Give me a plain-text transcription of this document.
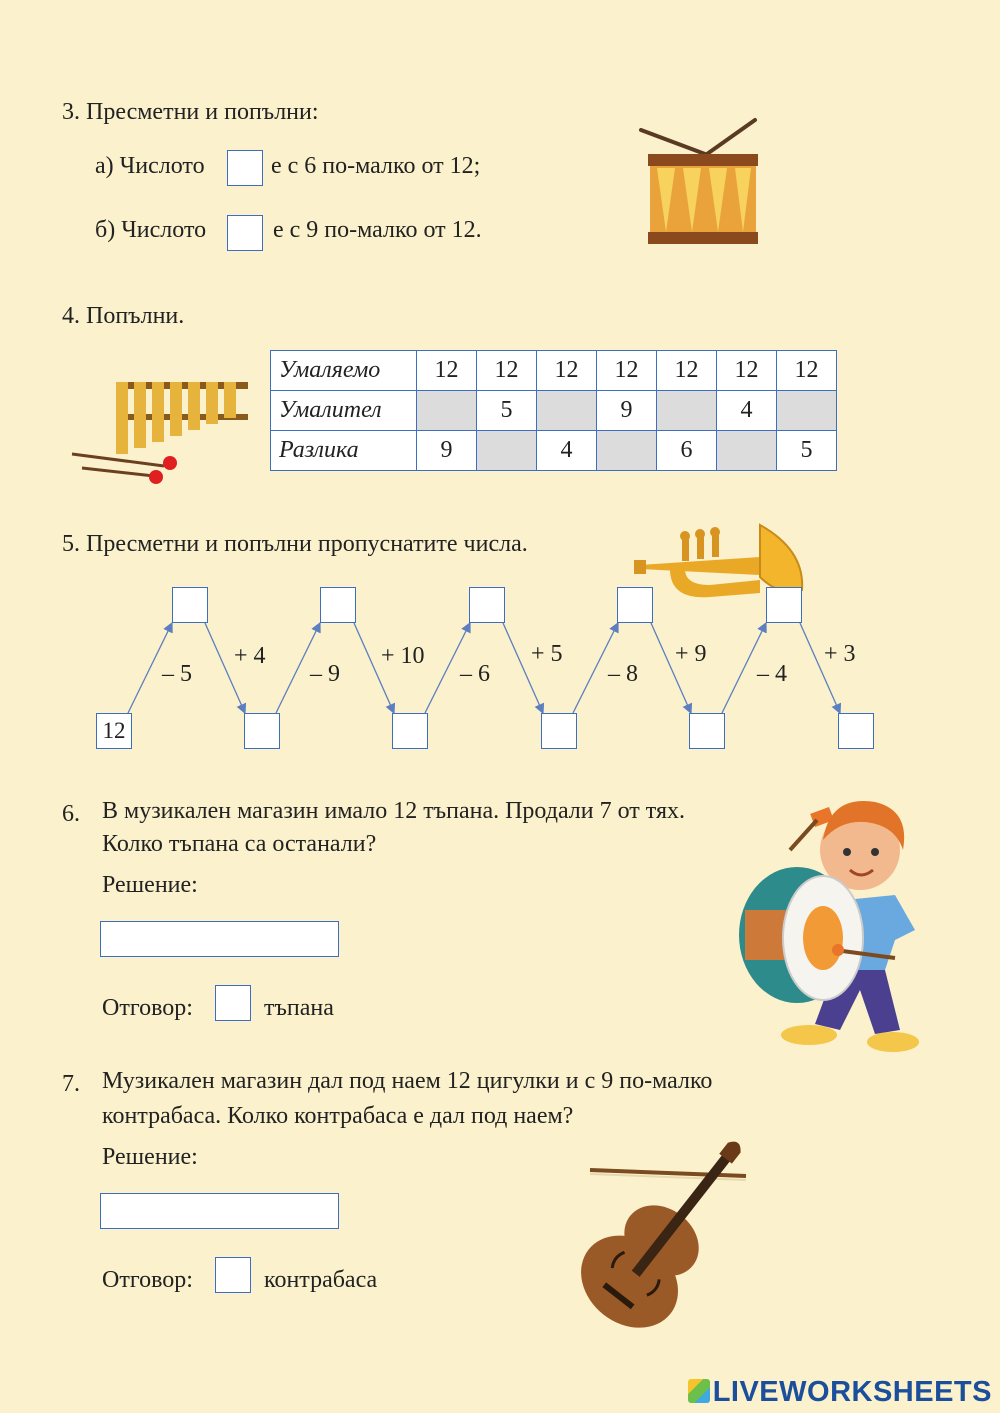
3. Пресметни и попълни:
а) Числото	е с 6 по-малко от 12;
б) Числото	е с 9 по-малко от 12.
4. Попълни.
Умаляемо	12	12	12	12	12	12	12
Умалител		5		9		4	
Разлика	9		4		6		5
5. Пресметни и попълни пропуснатите числа.
12
– 5	– 9	– 6	– 8	– 4
+ 4	+ 10	+ 5	+ 9	+ 3
6. В музикален магазин имало 12 тъпана. Продали 7 от тях.
Колко тъпана са останали?
Решение:
Отговор:	тъпана
7. Музикален магазин дал под наем 12 цигулки и с 9 по-малко
контрабаса. Колко контрабаса е дал под наем?
Решение:
Отговор:	контрабаса
LIVEWORKSHEETS
